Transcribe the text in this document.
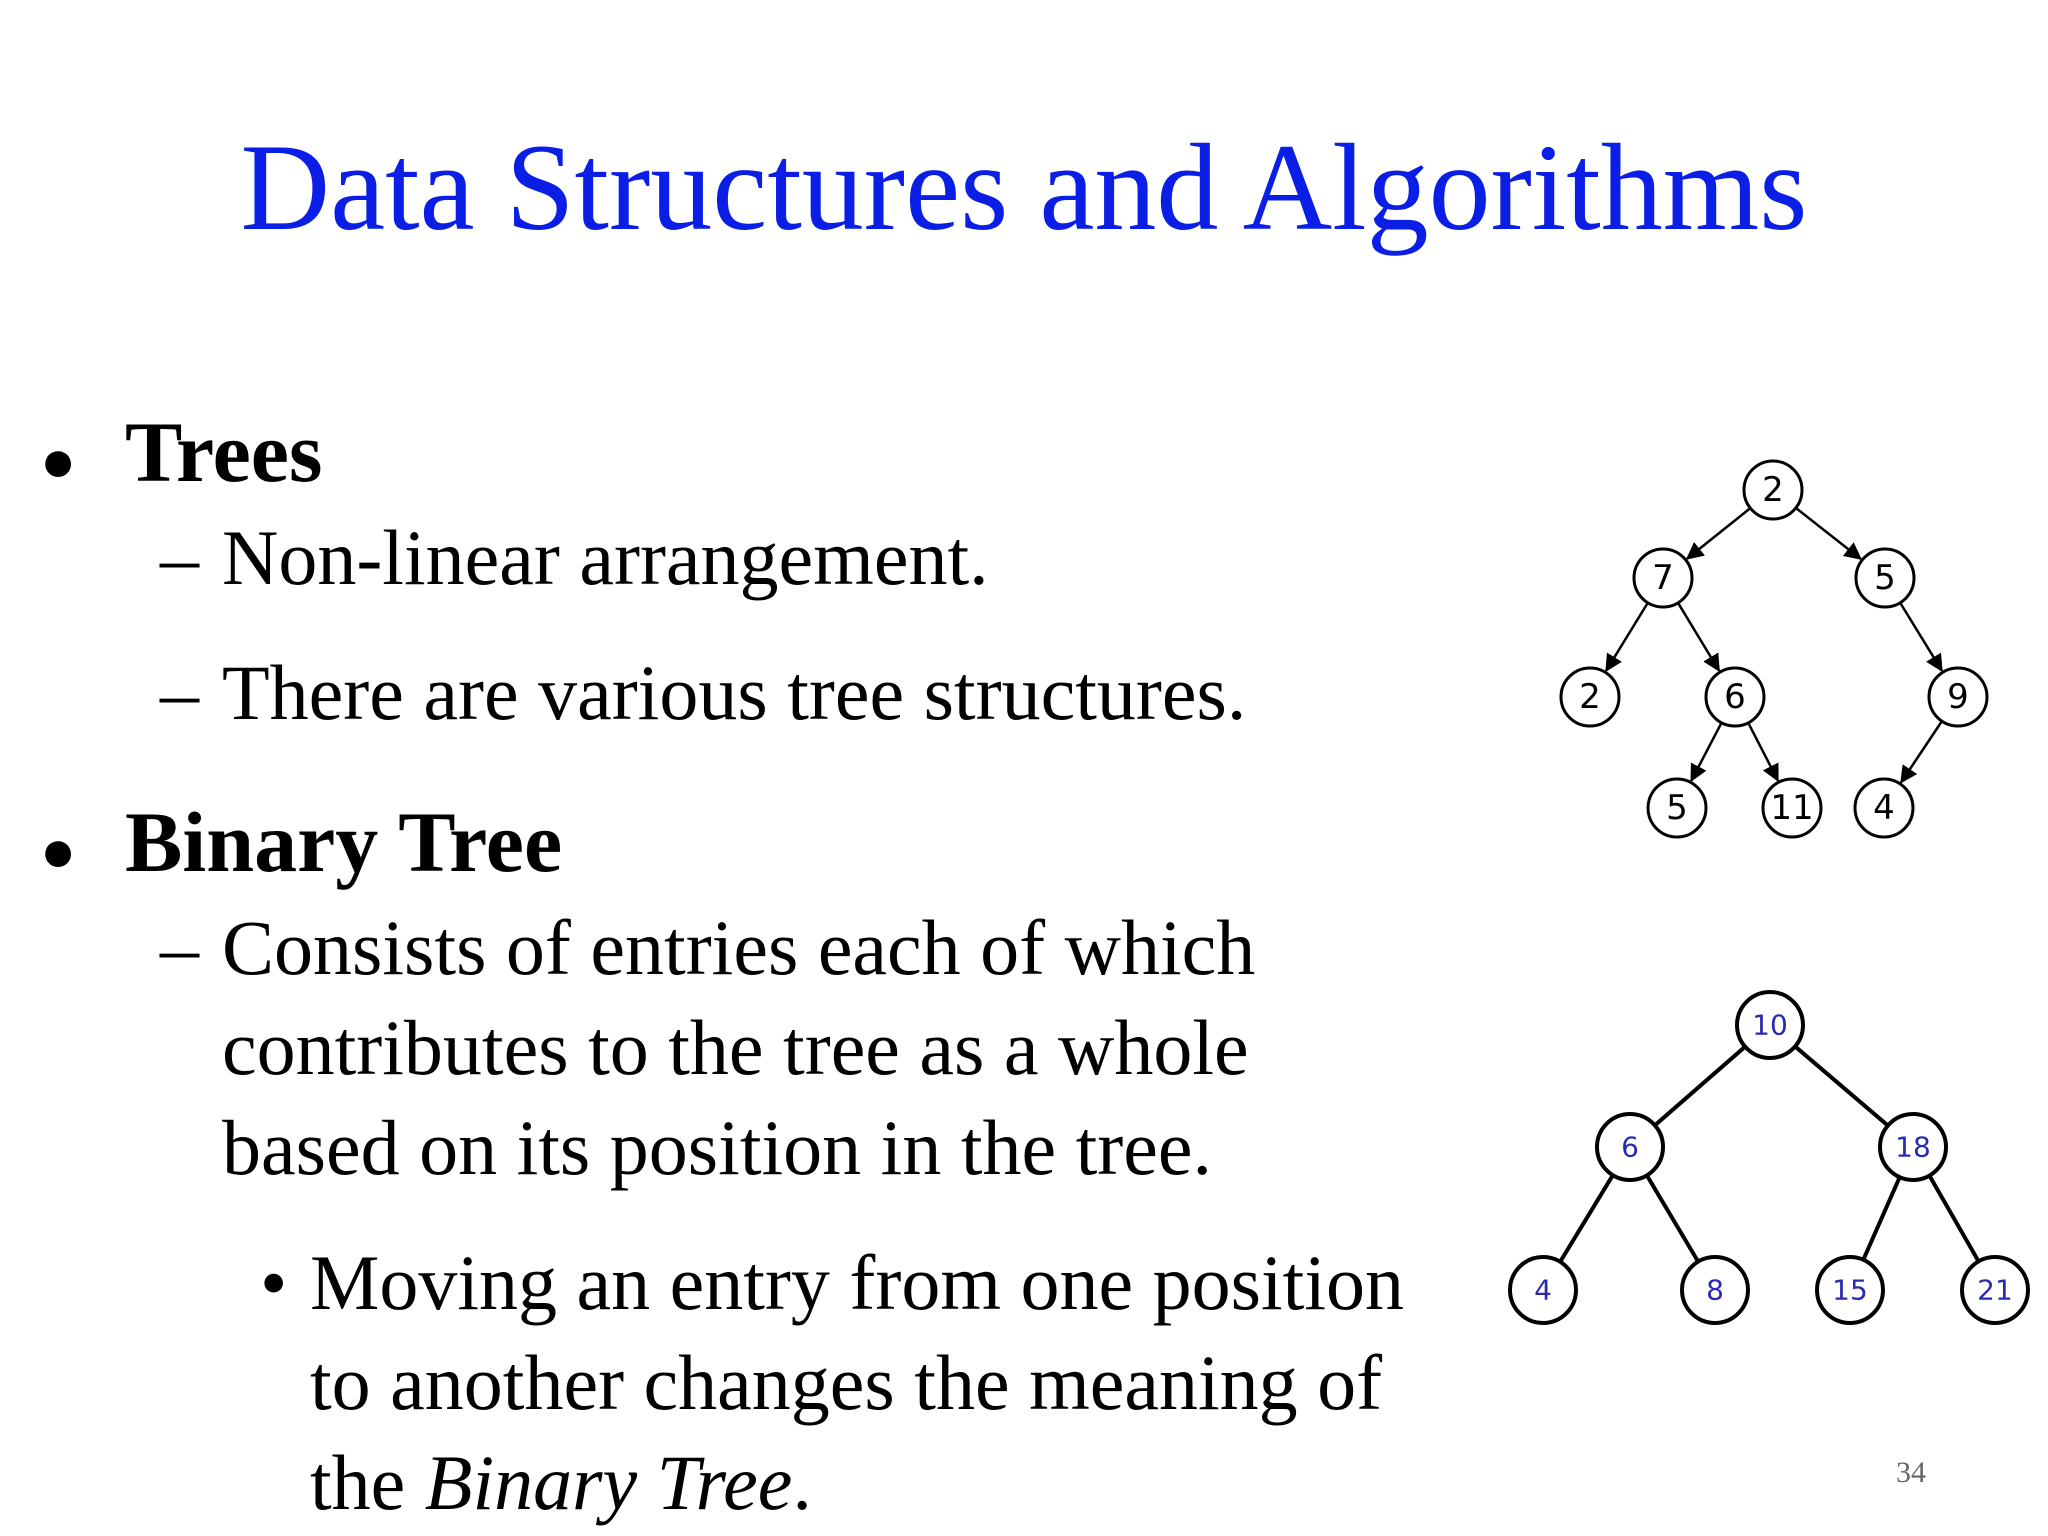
Data Structures and Algorithms
● Trees
– Non-linear arrangement.
– There are various tree structures.
● Binary Tree
– Consists of entries each of which
contributes to the tree as a whole
based on its position in the tree.
• Moving an entry from one position
to another changes the meaning of
the Binary Tree.
2
7	5
2	6	9
5 11 4
10
6	18
4	8	15	21
34
